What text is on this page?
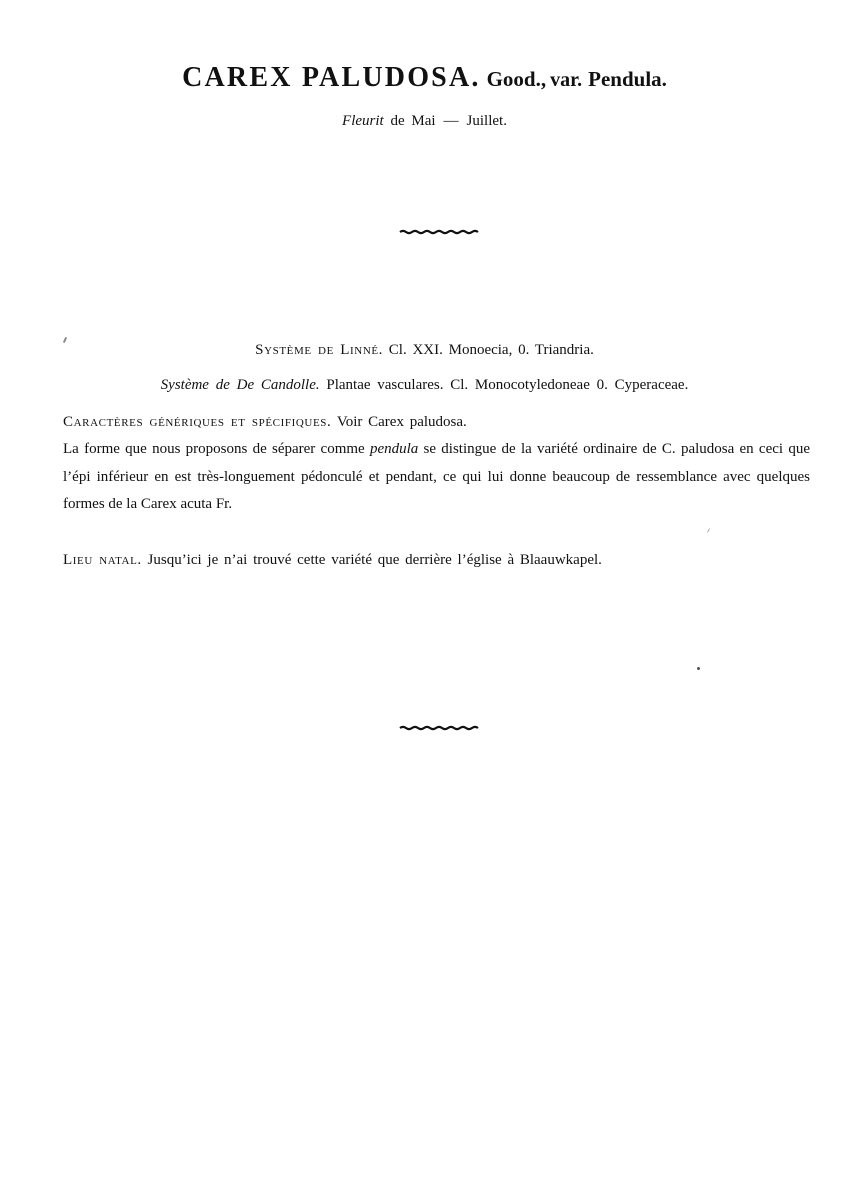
CAREX PALUDOSA. Good., var. Pendula.
Fleurit de Mai — Juillet.
Système de Linné. Cl. XXI. Monoecia, 0. Triandria.
Système de De Candolle. Plantae vasculares. Cl. Monocotyledoneae 0. Cyperaceae.
Caractères génériques et spécifiques. Voir Carex paludosa.
La forme que nous proposons de séparer comme pendula se distingue de la variété ordinaire de C. paludosa en ceci que l’épi inférieur en est très-longuement pédonculé et pendant, ce qui lui donne beaucoup de ressemblance avec quelques formes de la Carex acuta Fr.
Lieu natal. Jusqu’ici je n’ai trouvé cette variété que derrière l’église à Blaauwkapel.
